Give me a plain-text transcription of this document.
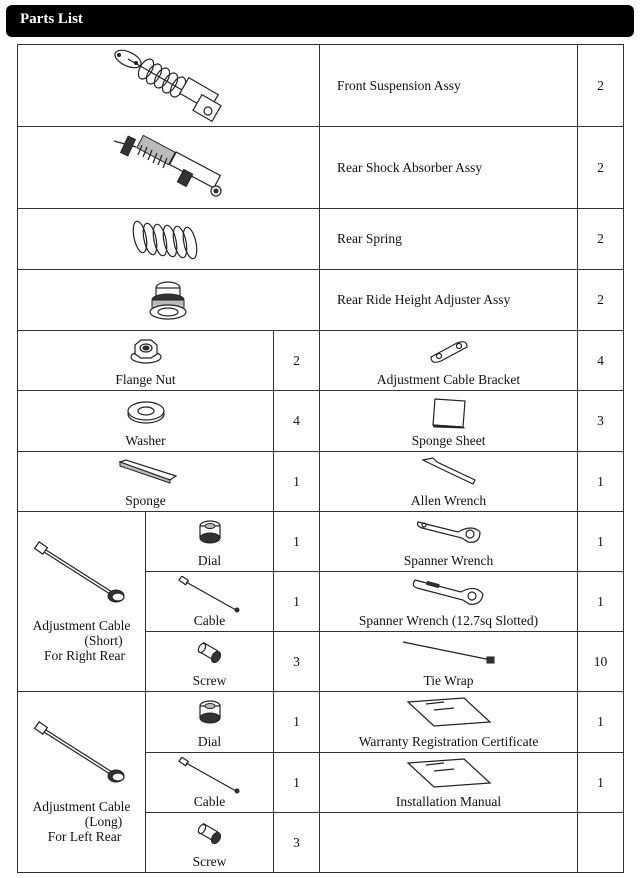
Parts List
	Front Suspension Assy	2

	Rear Shock Absorber Assy	2

	Rear Spring	2

	Rear Ride Height Adjuster Assy	2

Flange Nut		2	Adjustment Cable Bracket	4

Washer		4	Sponge Sheet	3

Sponge		1	Allen Wrench	1

Adjustment Cable
(Short)
For Right Rear	Dial	1	Spanner Wrench	1

	Cable	1	Spanner Wrench (12.7sq Slotted)	1

	Screw	3	Tie Wrap	10

Adjustment Cable
(Long)
For Left Rear	Dial	1	Warranty Registration Certificate	1

	Cable	1	Installation Manual	1

	Screw	3		
